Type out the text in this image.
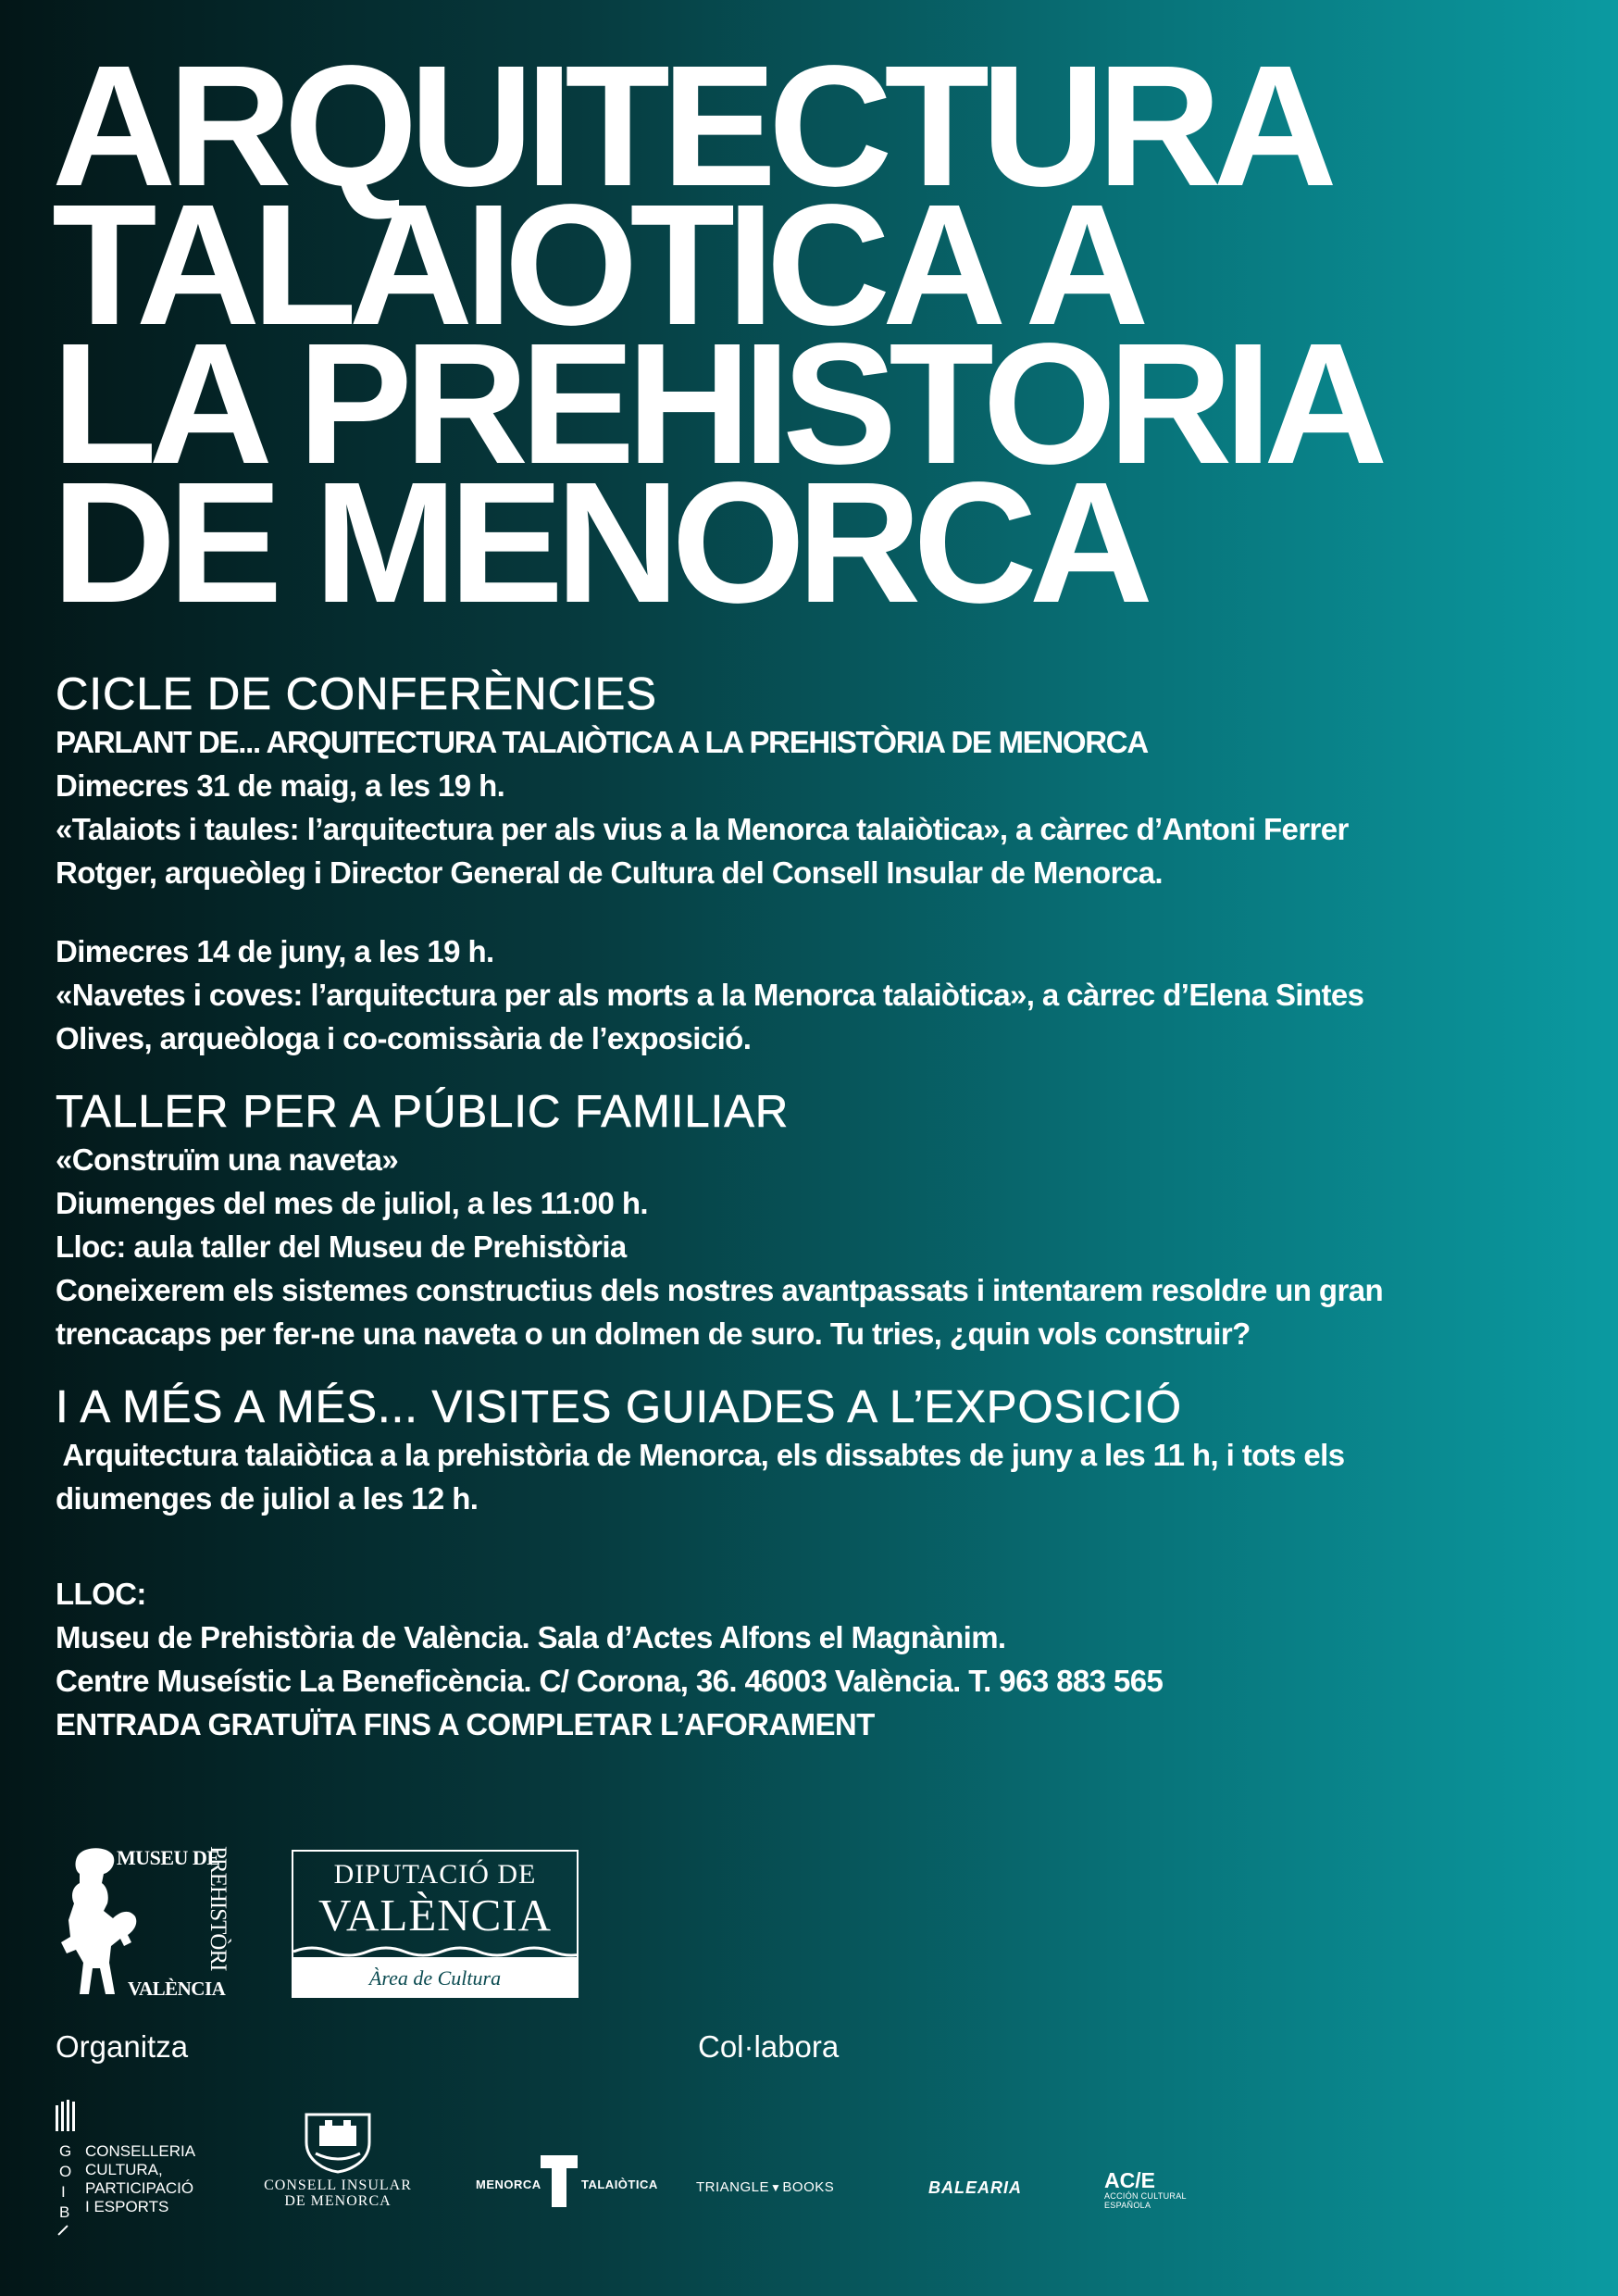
ARQUITECTURA
TALAIOTICA A
LA PREHISTORIA
DE MENORCA
CICLE DE CONFERÈNCIES
PARLANT DE... ARQUITECTURA TALAIÒTICA A LA PREHISTÒRIA DE MENORCA
Dimecres 31 de maig, a les 19 h.
«Talaiots i taules: l’arquitectura per als vius a la Menorca talaiòtica», a càrrec d’Antoni Ferrer
Rotger, arqueòleg i Director General de Cultura del Consell Insular de Menorca.
Dimecres 14 de juny, a les 19 h.
«Navetes i coves: l’arquitectura per als morts a la Menorca talaiòtica», a càrrec d’Elena Sintes
Olives, arqueòloga i co-comissària de l’exposició.
TALLER PER A PÚBLIC FAMILIAR
«Construïm una naveta»
Diumenges del mes de juliol, a les 11:00 h.
Lloc: aula taller del Museu de Prehistòria
Coneixerem els sistemes constructius dels nostres avantpassats i intentarem resoldre un gran
trencacaps per fer-ne una naveta o un dolmen de suro. Tu tries, ¿quin vols construir?
I A MÉS A MÉS... VISITES GUIADES A L’EXPOSICIÓ
Arquitectura talaiòtica a la prehistòria de Menorca, els dissabtes de juny a les 11 h, i tots els
diumenges de juliol a les 12 h.
LLOC:
Museu de Prehistòria de València. Sala d’Actes Alfons el Magnànim.
Centre Museístic La Beneficència. C/ Corona, 36. 46003 València. T. 963 883 565
ENTRADA GRATUÏTA FINS A COMPLETAR L’AFORAMENT
MUSEU DE
PREHISTÒRI
VALÈNCIA
DIPUTACIÓ DE
VALÈNCIA
Àrea de Cultura
Organitza	Col·labora
G
O
I
B
CONSELLERIA
CULTURA,
PARTICIPACIÓ
I ESPORTS
CONSELL INSULAR
DE MENORCA
MENORCA	TALAIÒTICA	TRIANGLE▼BOOKS	BALEARIA	AC/E
ACCIÓN CULTURAL
ESPAÑOLA
